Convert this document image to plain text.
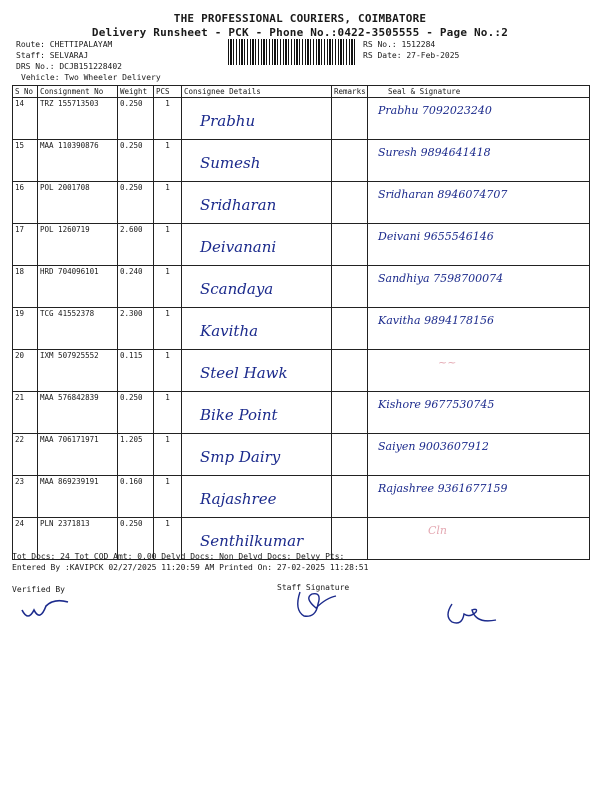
THE PROFESSIONAL COURIERS, COIMBATORE
Delivery Runsheet - PCK - Phone No.:0422-3505555 - Page No.:2
Route: CHETTIPALAYAM
Staff: SELVARAJ
DRS No.: DCJB151228402
Vehicle: Two Wheeler Delivery
RS No.: 1512284
RS Date: 27-Feb-2025
S No	Consignment No	Weight	PCS	Consignee Details	Remarks	Seal & Signature
14	TRZ 155713503	0.250	1	Prabhu		Prabhu 7092023240

15	MAA 110390876	0.250	1	Sumesh		Suresh 9894641418

16	POL 2001708	0.250	1	Sridharan		Sridharan 8946074707

17	POL 1260719	2.600	1	Deivanani		Deivani 9655546146

18	HRD 704096101	0.240	1	Scandaya		Sandhiya 7598700074

19	TCG 41552378	2.300	1	Kavitha		Kavitha 9894178156

20	IXM 507925552	0.115	1	Steel Hawk		~~

21	MAA 576842839	0.250	1	Bike Point		Kishore 9677530745

22	MAA 706171971	1.205	1	Smp Dairy		Saiyen 9003607912

23	MAA 869239191	0.160	1	Rajashree		Rajashree 9361677159

24	PLN 2371813	0.250	1	Senthilkumar		Cln
Tot Docs: 24 Tot COD Amt: 0.00 Delvd Docs: Non Delvd Docs: Delvy Pts:
Entered By :KAVIPCK 02/27/2025 11:20:59 AM Printed On: 27-02-2025 11:28:51
Verified By	Staff Signature
